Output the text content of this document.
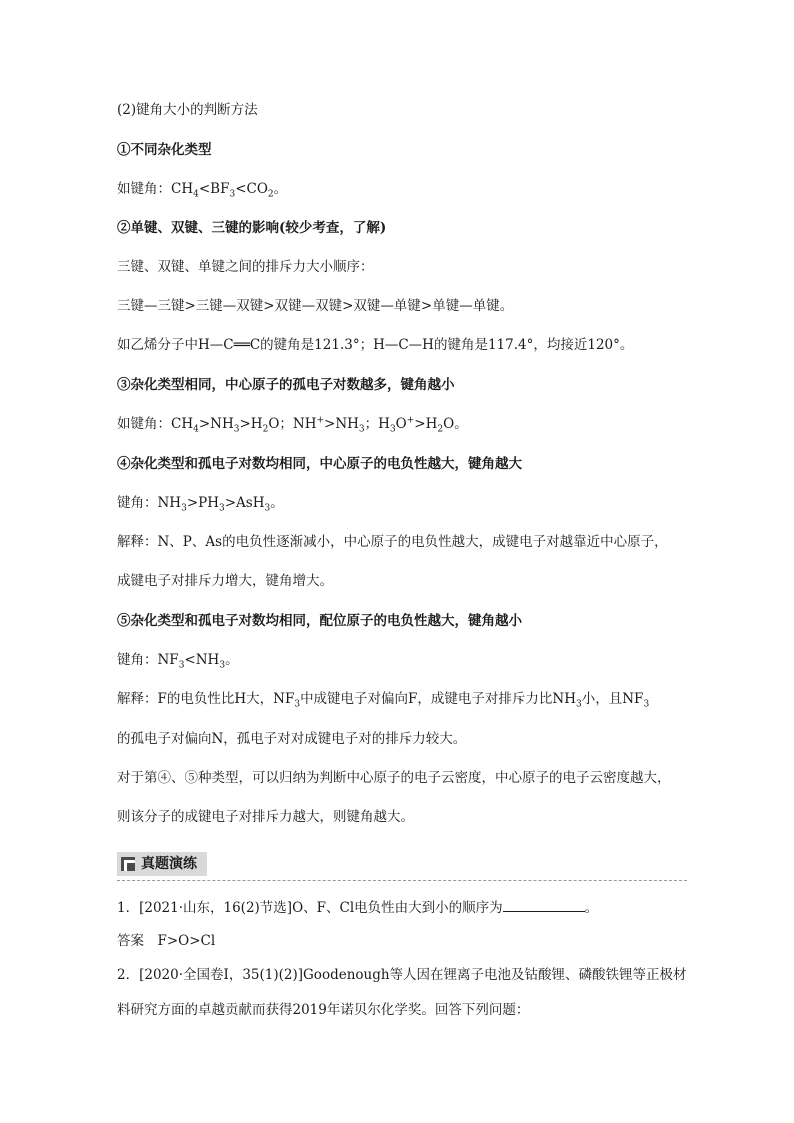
(2)键角大小的判断方法
①不同杂化类型
如键角：$CH_4<BF_3<CO_2$。
②单键、双键、三键的影响(较少考查，了解)
三键、双键、单键之间的排斥力大小顺序：
三键—三键>三键—双键>双键—双键>双键—单键>单键—单键。
如乙烯分子中H—C══C的键角是121.3°；H—C—H的键角是117.4°，均接近120°。
③杂化类型相同，中心原子的孤电子对数越多，键角越小
如键角：$CH_4>NH_3>H_2O$；$NH^+>NH_3$；$H_3O^+>H_2O$。
④杂化类型和孤电子对数均相同，中心原子的电负性越大，键角越大
键角：$NH_3>PH_3>AsH_3$。
解释：N、P、As的电负性逐渐减小，中心原子的电负性越大，成键电子对越靠近中心原子，
成键电子对排斥力增大，键角增大。
⑤杂化类型和孤电子对数均相同，配位原子的电负性越大，键角越小
键角：$NF_3<NH_3$。
解释：F的电负性比H大，$NF_3$中成键电子对偏向F，成键电子对排斥力比$NH_3$小，且$NF_3$
的孤电子对偏向N，孤电子对对成键电子对的排斥力较大。
对于第④、⑤种类型，可以归纳为判断中心原子的电子云密度，中心原子的电子云密度越大，
则该分子的成键电子对排斥力越大，则键角越大。
真题演练
1．[2021·山东，16(2)节选]O、F、Cl电负性由大到小的顺序为	。
答案　F>O>Cl
2．[2020·全国卷Ⅰ，35(1)(2)]Goodenough等人因在锂离子电池及钴酸锂、磷酸铁锂等正极材
料研究方面的卓越贡献而获得2019年诺贝尔化学奖。回答下列问题：
